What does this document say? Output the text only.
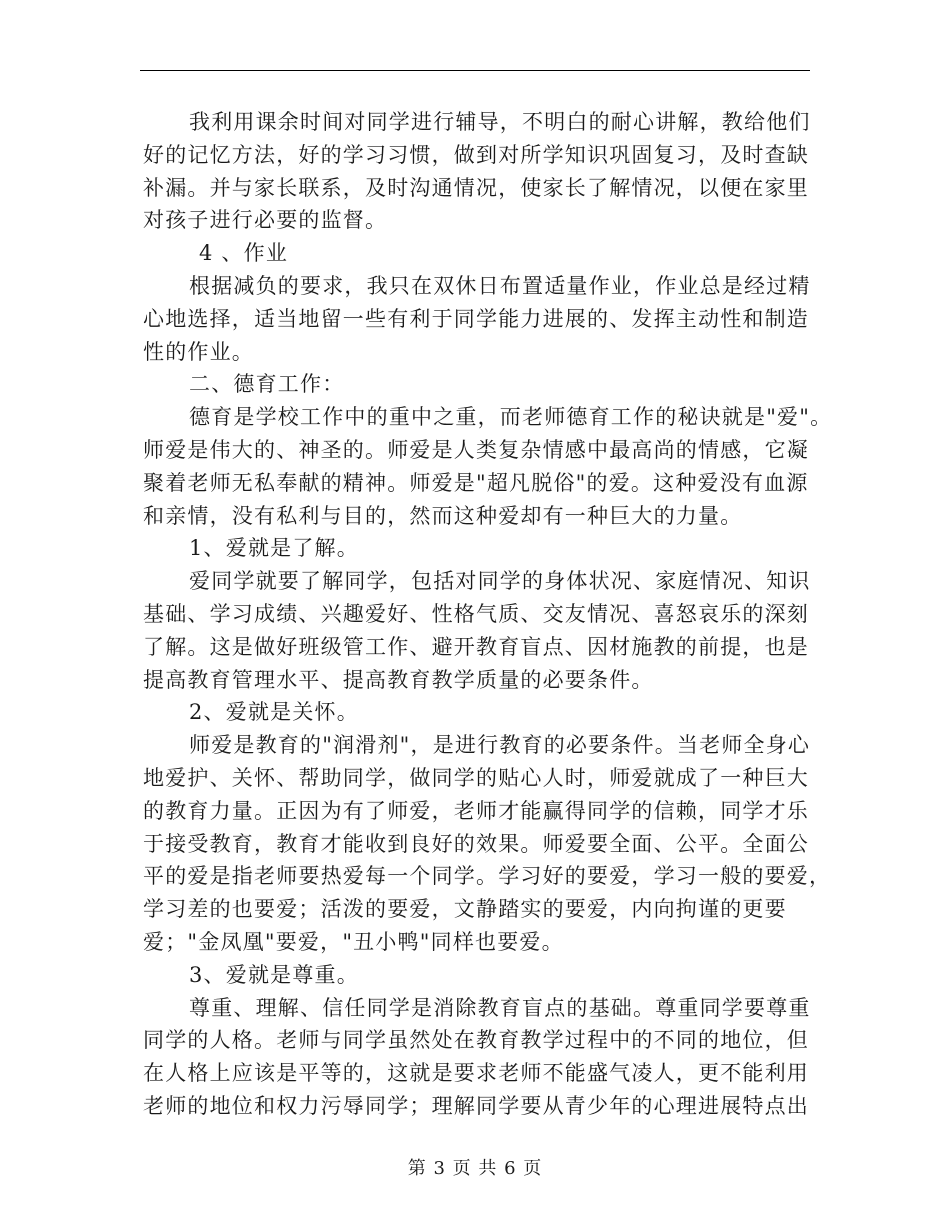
我利用课余时间对同学进行辅导，不明白的耐心讲解，教给他们
好的记忆方法，好的学习习惯，做到对所学知识巩固复习，及时查缺
补漏。并与家长联系，及时沟通情况，使家长了解情况，以便在家里
对孩子进行必要的监督。
4 、作业
根据减负的要求，我只在双休日布置适量作业，作业总是经过精
心地选择，适当地留一些有利于同学能力进展的、发挥主动性和制造
性的作业。
二、德育工作：
德育是学校工作中的重中之重，而老师德育工作的秘诀就是"爱"。
师爱是伟大的、神圣的。师爱是人类复杂情感中最高尚的情感，它凝
聚着老师无私奉献的精神。师爱是"超凡脱俗"的爱。这种爱没有血源
和亲情，没有私利与目的，然而这种爱却有一种巨大的力量。
1、爱就是了解。
爱同学就要了解同学，包括对同学的身体状况、家庭情况、知识
基础、学习成绩、兴趣爱好、性格气质、交友情况、喜怒哀乐的深刻
了解。这是做好班级管工作、避开教育盲点、因材施教的前提，也是
提高教育管理水平、提高教育教学质量的必要条件。
2、爱就是关怀。
师爱是教育的"润滑剂"，是进行教育的必要条件。当老师全身心
地爱护、关怀、帮助同学，做同学的贴心人时，师爱就成了一种巨大
的教育力量。正因为有了师爱，老师才能赢得同学的信赖，同学才乐
于接受教育，教育才能收到良好的效果。师爱要全面、公平。全面公
平的爱是指老师要热爱每一个同学。学习好的要爱，学习一般的要爱，
学习差的也要爱；活泼的要爱，文静踏实的要爱，内向拘谨的更要
爱；"金凤凰"要爱，"丑小鸭"同样也要爱。
3、爱就是尊重。
尊重、理解、信任同学是消除教育盲点的基础。尊重同学要尊重
同学的人格。老师与同学虽然处在教育教学过程中的不同的地位，但
在人格上应该是平等的，这就是要求老师不能盛气凌人，更不能利用
老师的地位和权力污辱同学；理解同学要从青少年的心理进展特点出
第 3 页 共 6 页
